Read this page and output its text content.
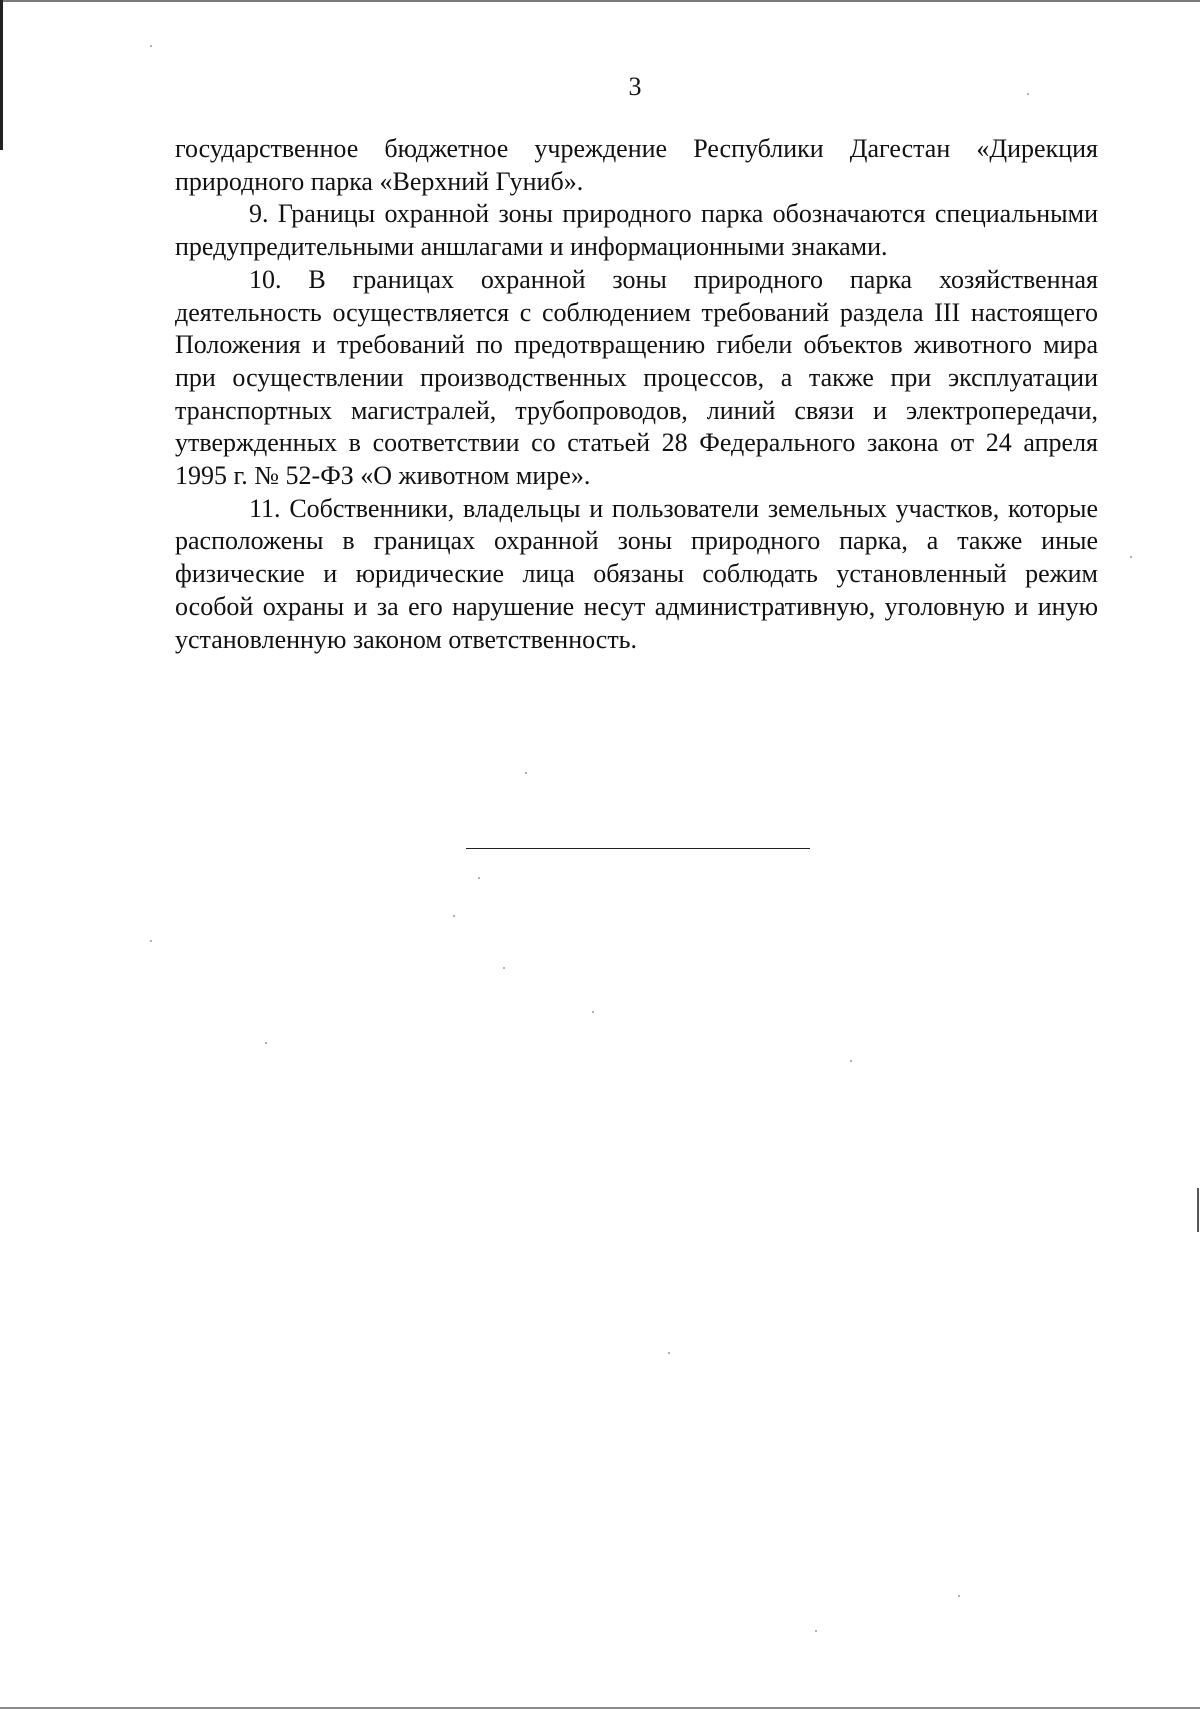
3

государственное бюджетное учреждение Республики Дагестан «Дирекция природного парка «Верхний Гуниб».

9. Границы охранной зоны природного парка обозначаются специальными предупредительными аншлагами и информационными знаками.

10. В границах охранной зоны природного парка хозяйственная деятельность осуществляется с соблюдением требований раздела III настоящего Положения и требований по предотвращению гибели объектов животного мира при осуществлении производственных процессов, а также при эксплуатации транспортных магистралей, трубопроводов, линий связи и электропередачи, утвержденных в соответствии со статьей 28 Федерального закона от 24 апреля 1995 г. № 52-ФЗ «О животном мире».

11. Собственники, владельцы и пользователи земельных участков, которые расположены в границах охранной зоны природного парка, а также иные физические и юридические лица обязаны соблюдать установленный режим особой охраны и за его нарушение несут административную, уголовную и иную установленную законом ответственность.
